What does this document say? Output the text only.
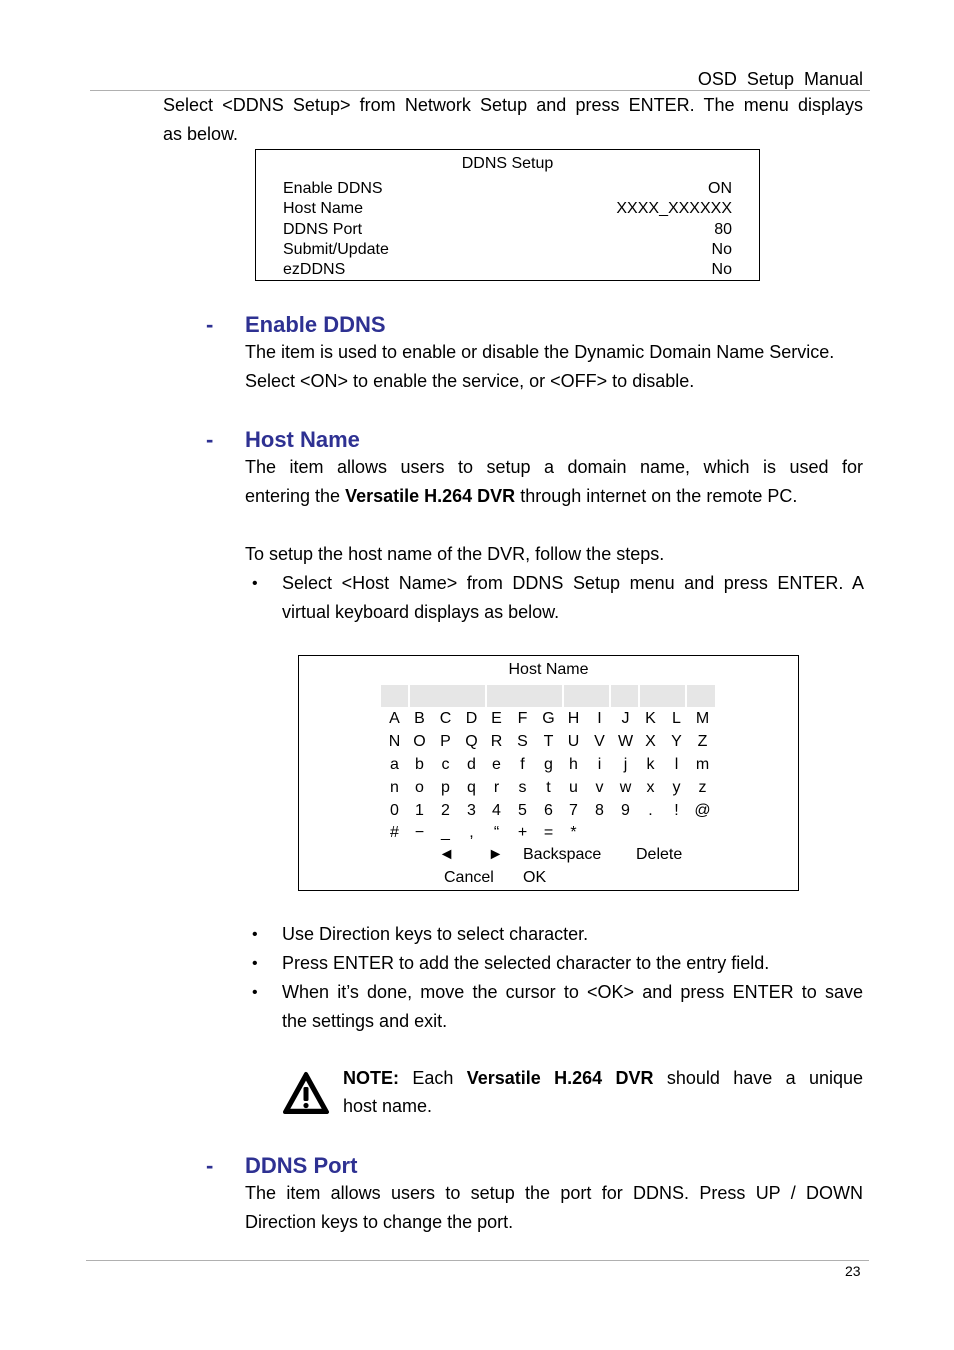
OSD  Setup  Manual
Select <DDNS Setup> from Network Setup and press ENTER. The menu displays
as below.
DDNS Setup
Enable DDNS	ON
Host Name	XXXX_XXXXXX
DDNS Port	80
Submit/Update	No
ezDDNS	No
- Enable DDNS
The item is used to enable or disable the Dynamic Domain Name Service.
Select <ON> to enable the service, or <OFF> to disable.
- Host Name
The item allows users to setup a domain name, which is used for
entering the Versatile H.264 DVR through internet on the remote PC.
To setup the host name of the DVR, follow the steps.
• Select <Host Name> from DDNS Setup menu and press ENTER. A
virtual keyboard displays as below.
Host Name
A B C D E F G H	I	J K	L M
N O P Q R S T U V W X Y Z
a	b	c	d	e	f	g	h	i	j	k	l	m
n	o	p	q	r	s	t	u	v	w x	y	z
0	1	2	3	4	5	6	7	8	9	.	! @
# −	_	,	“	+	=	*
◄ ► Backspace Delete
Cancel OK
• Use Direction keys to select character.
• Press ENTER to add the selected character to the entry field.
• When it’s done, move the cursor to <OK> and press ENTER to save
the settings and exit.
NOTE: Each Versatile H.264 DVR should have a unique
host name.
- DDNS Port
The item allows users to setup the port for DDNS. Press UP / DOWN
Direction keys to change the port.
23
